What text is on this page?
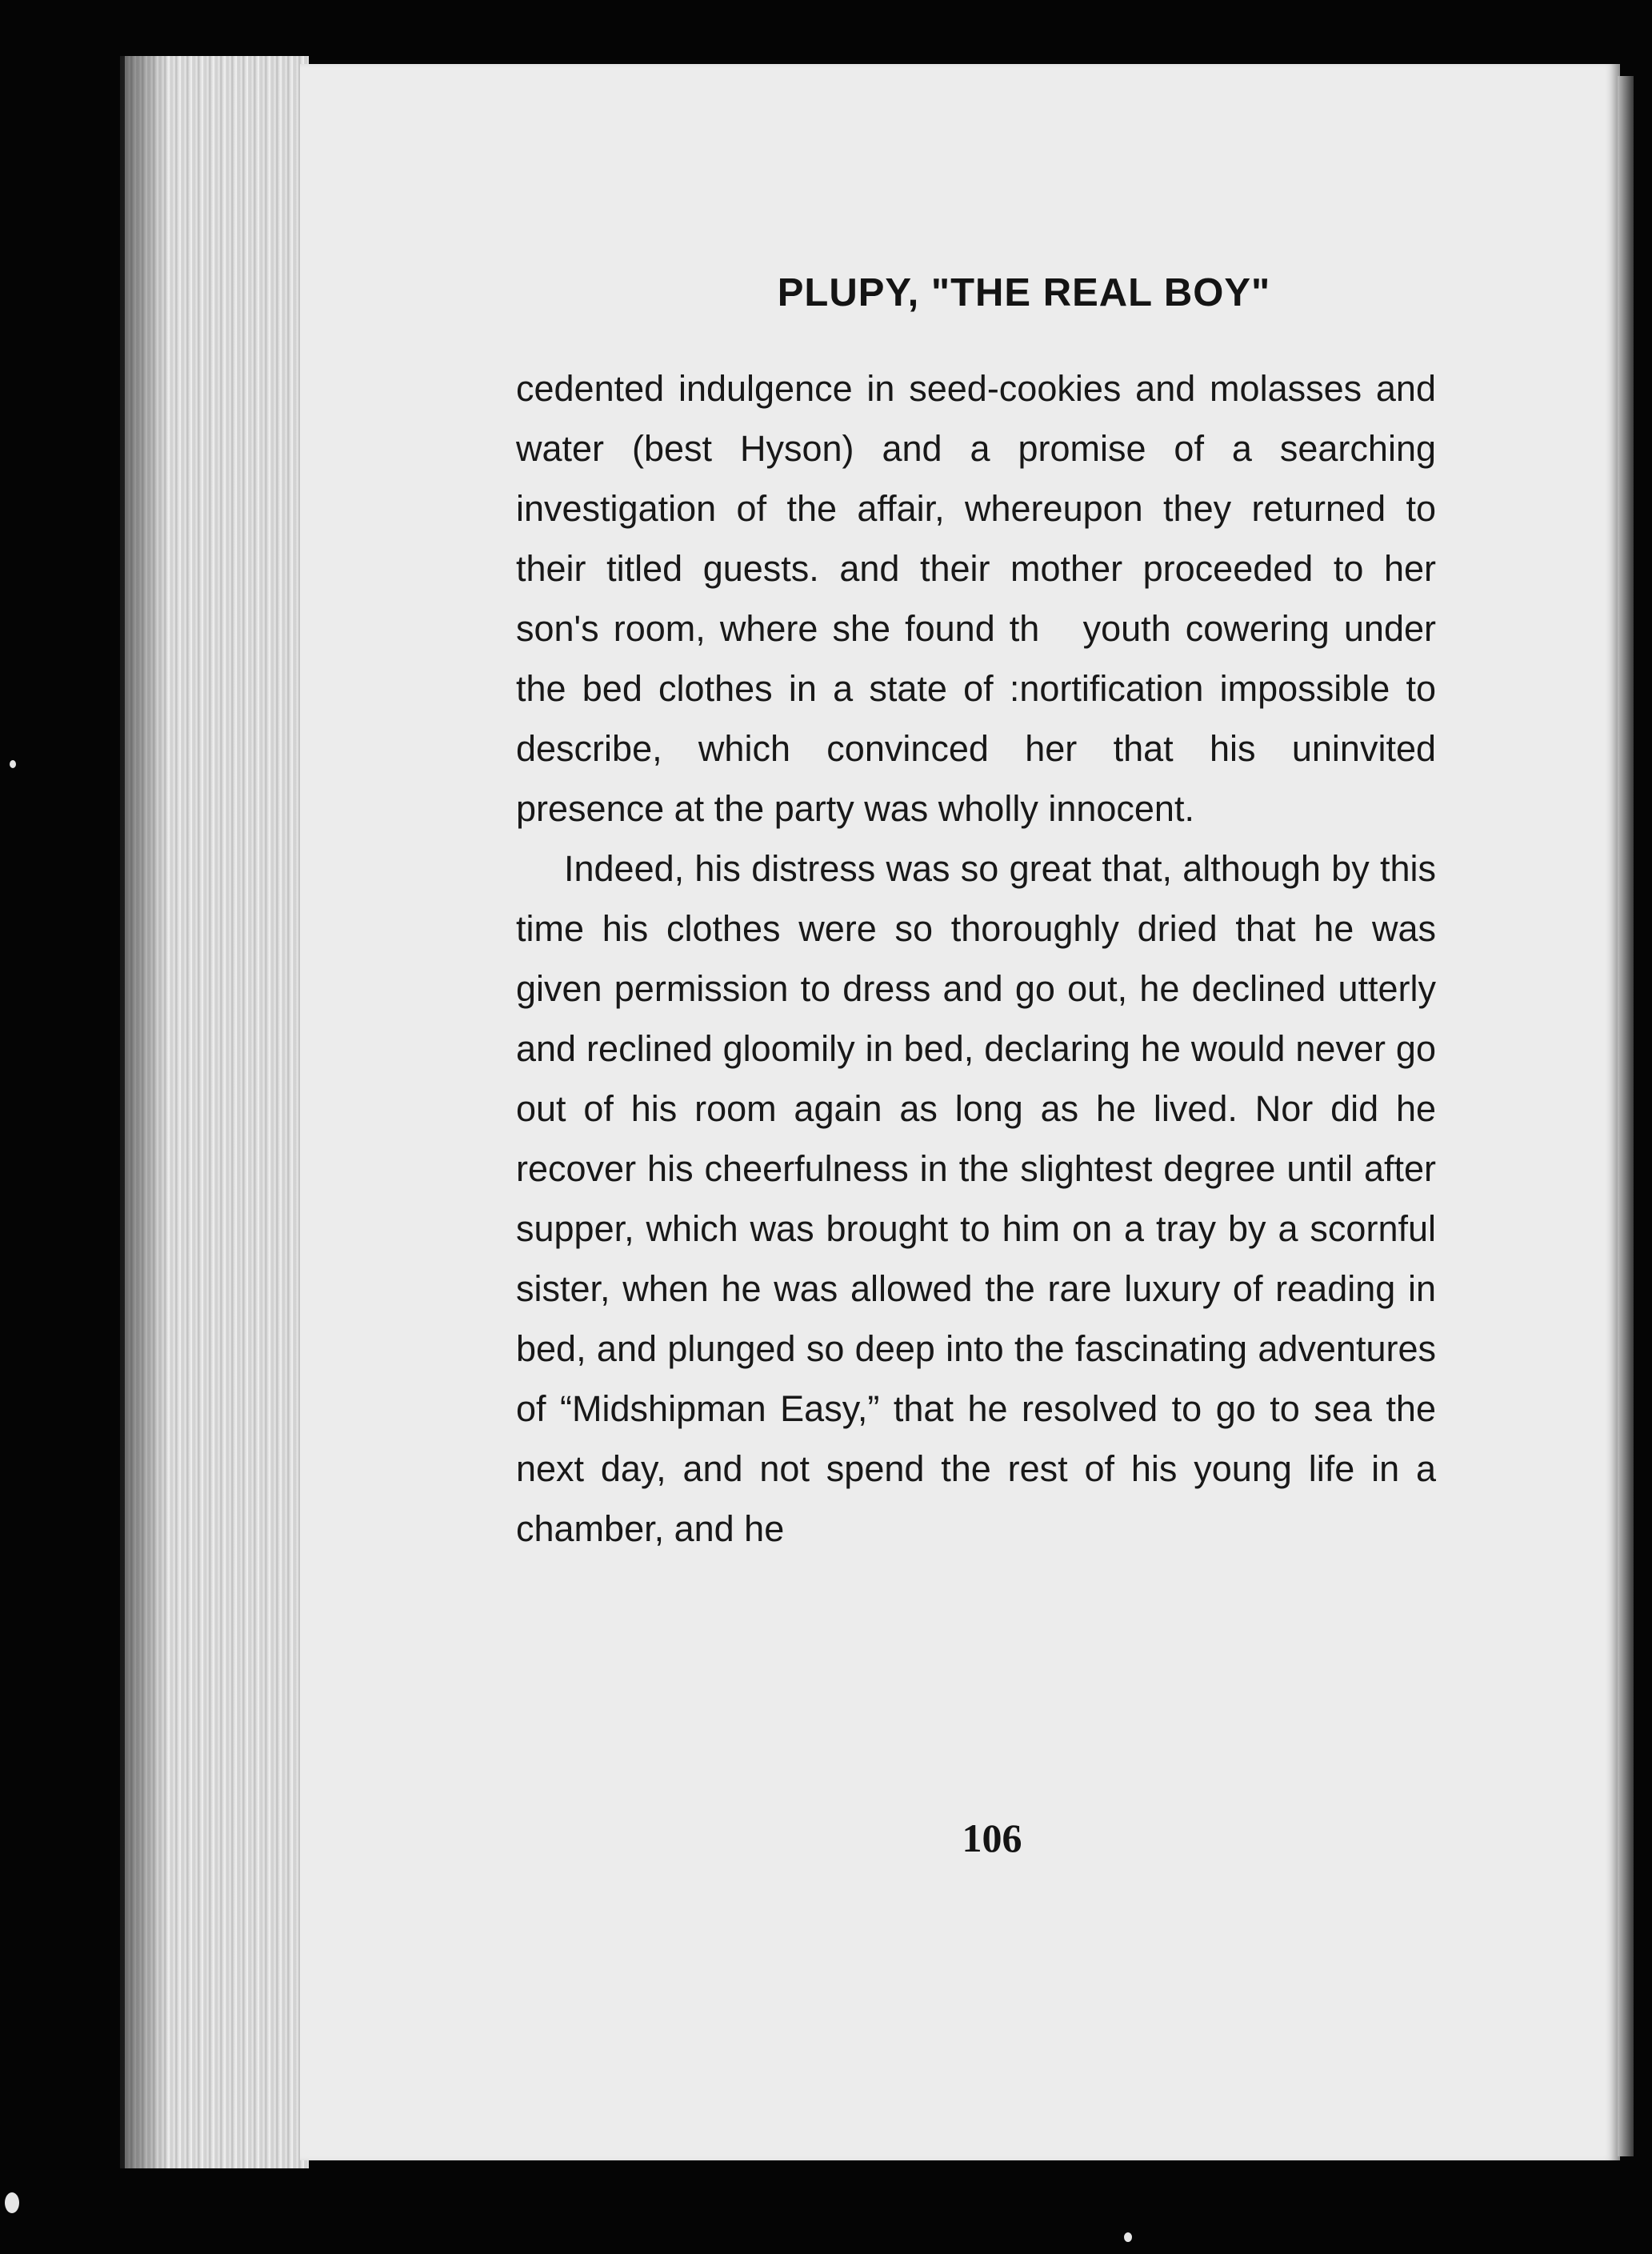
PLUPY, "THE REAL BOY"

cedented indulgence in seed-cookies and molasses and water (best Hyson) and a promise of a searching investigation of the affair, whereupon they returned to their titled guests. and their mother proceeded to her son's room, where she found th   youth cowering under the bed clothes in a state of :nortification impossible to describe, which convinced her that his uninvited presence at the party was wholly innocent.

Indeed, his distress was so great that, although by this time his clothes were so thoroughly dried that he was given permission to dress and go out, he declined utterly and reclined gloomily in bed, declaring he would never go out of his room again as long as he lived. Nor did he recover his cheerfulness in the slightest degree until after supper, which was brought to him on a tray by a scornful sister, when he was allowed the rare luxury of reading in bed, and plunged so deep into the fascinating adventures of “Midshipman Easy,” that he resolved to go to sea the next day, and not spend the rest of his young life in a chamber, and he

106
